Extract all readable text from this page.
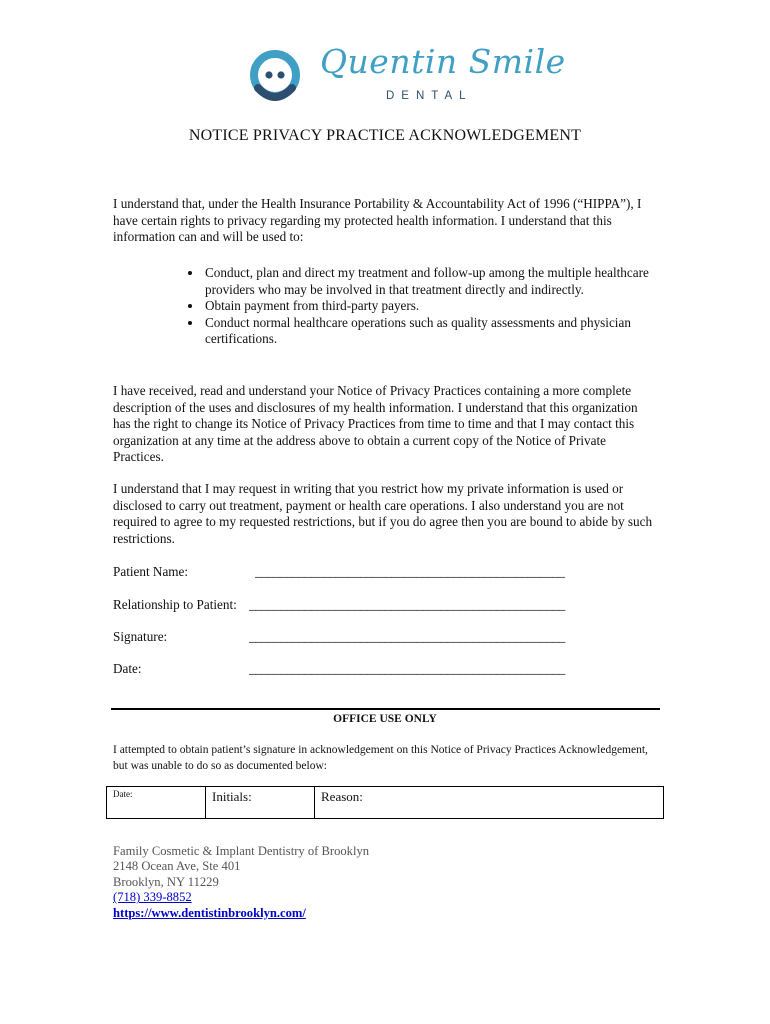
Quentin Smile
DENTAL
NOTICE PRIVACY PRACTICE ACKNOWLEDGEMENT
I understand that, under the Health Insurance Portability & Accountability Act of 1996 (“HIPPA”), I have certain rights to privacy regarding my protected health information. I understand that this information can and will be used to:
• Conduct, plan and direct my treatment and follow-up among the multiple healthcare providers who may be involved in that treatment directly and indirectly.
• Obtain payment from third-party payers.
• Conduct normal healthcare operations such as quality assessments and physician certifications.
I have received, read and understand your Notice of Privacy Practices containing a more complete description of the uses and disclosures of my health information. I understand that this organization has the right to change its Notice of Privacy Practices from time to time and that I may contact this organization at any time at the address above to obtain a current copy of the Notice of Private Practices.
I understand that I may request in writing that you restrict how my private information is used or disclosed to carry out treatment, payment or health care operations. I also understand you are not required to agree to my requested restrictions, but if you do agree then you are bound to abide by such restrictions.
Patient Name:	__________________________________________________
Relationship to Patient: ___________________________________________________
Signature:	___________________________________________________
Date:	___________________________________________________
OFFICE USE ONLY
I attempted to obtain patient’s signature in acknowledgement on this Notice of Privacy Practices Acknowledgement, but was unable to do so as documented below:
Date:	Initials:	Reason:
Family Cosmetic & Implant Dentistry of Brooklyn
2148 Ocean Ave, Ste 401
Brooklyn, NY 11229
(718) 339-8852
https://www.dentistinbrooklyn.com/
